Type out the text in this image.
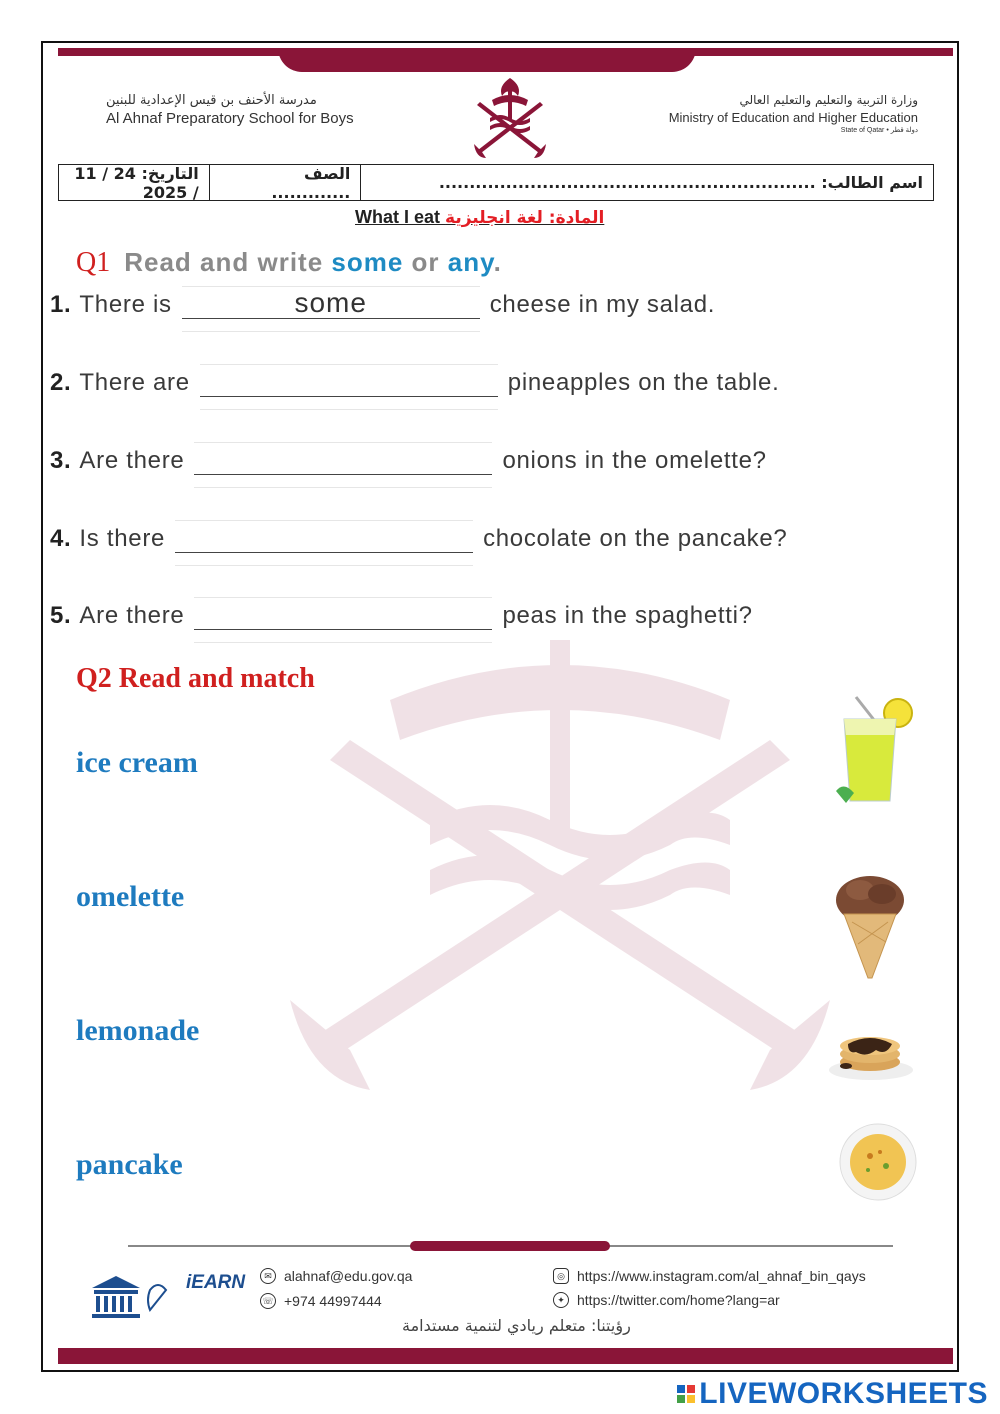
مدرسة الأحنف بن قيس الإعدادية للبنين
Al Ahnaf Preparatory School for Boys
وزارة التربية والتعليم والتعليم العالي
Ministry of Education and Higher Education
State of Qatar • دولة قطر
اسم الطالب: ..............................................................
الصف .............
التاريخ: 24 / 11 / 2025
What I eat المادة: لغة انجليزية
Q1 Read and write some or any.
1. There is	some	cheese in my salad.
2. There are	pineapples on the table.
3. Are there	onions in the omelette?
4. Is there	chocolate on the pancake?
5. Are there	peas in the spaghetti?
Q2 Read and match
ice cream
omelette
lemonade
pancake
iEARN	✉ alahnaf@edu.gov.qa
☏ +974 44997444
◎ https://www.instagram.com/al_ahnaf_bin_qays
✦ https://twitter.com/home?lang=ar
رؤيتنا: متعلم ريادي لتنمية مستدامة
LIVEWORKSHEETS
